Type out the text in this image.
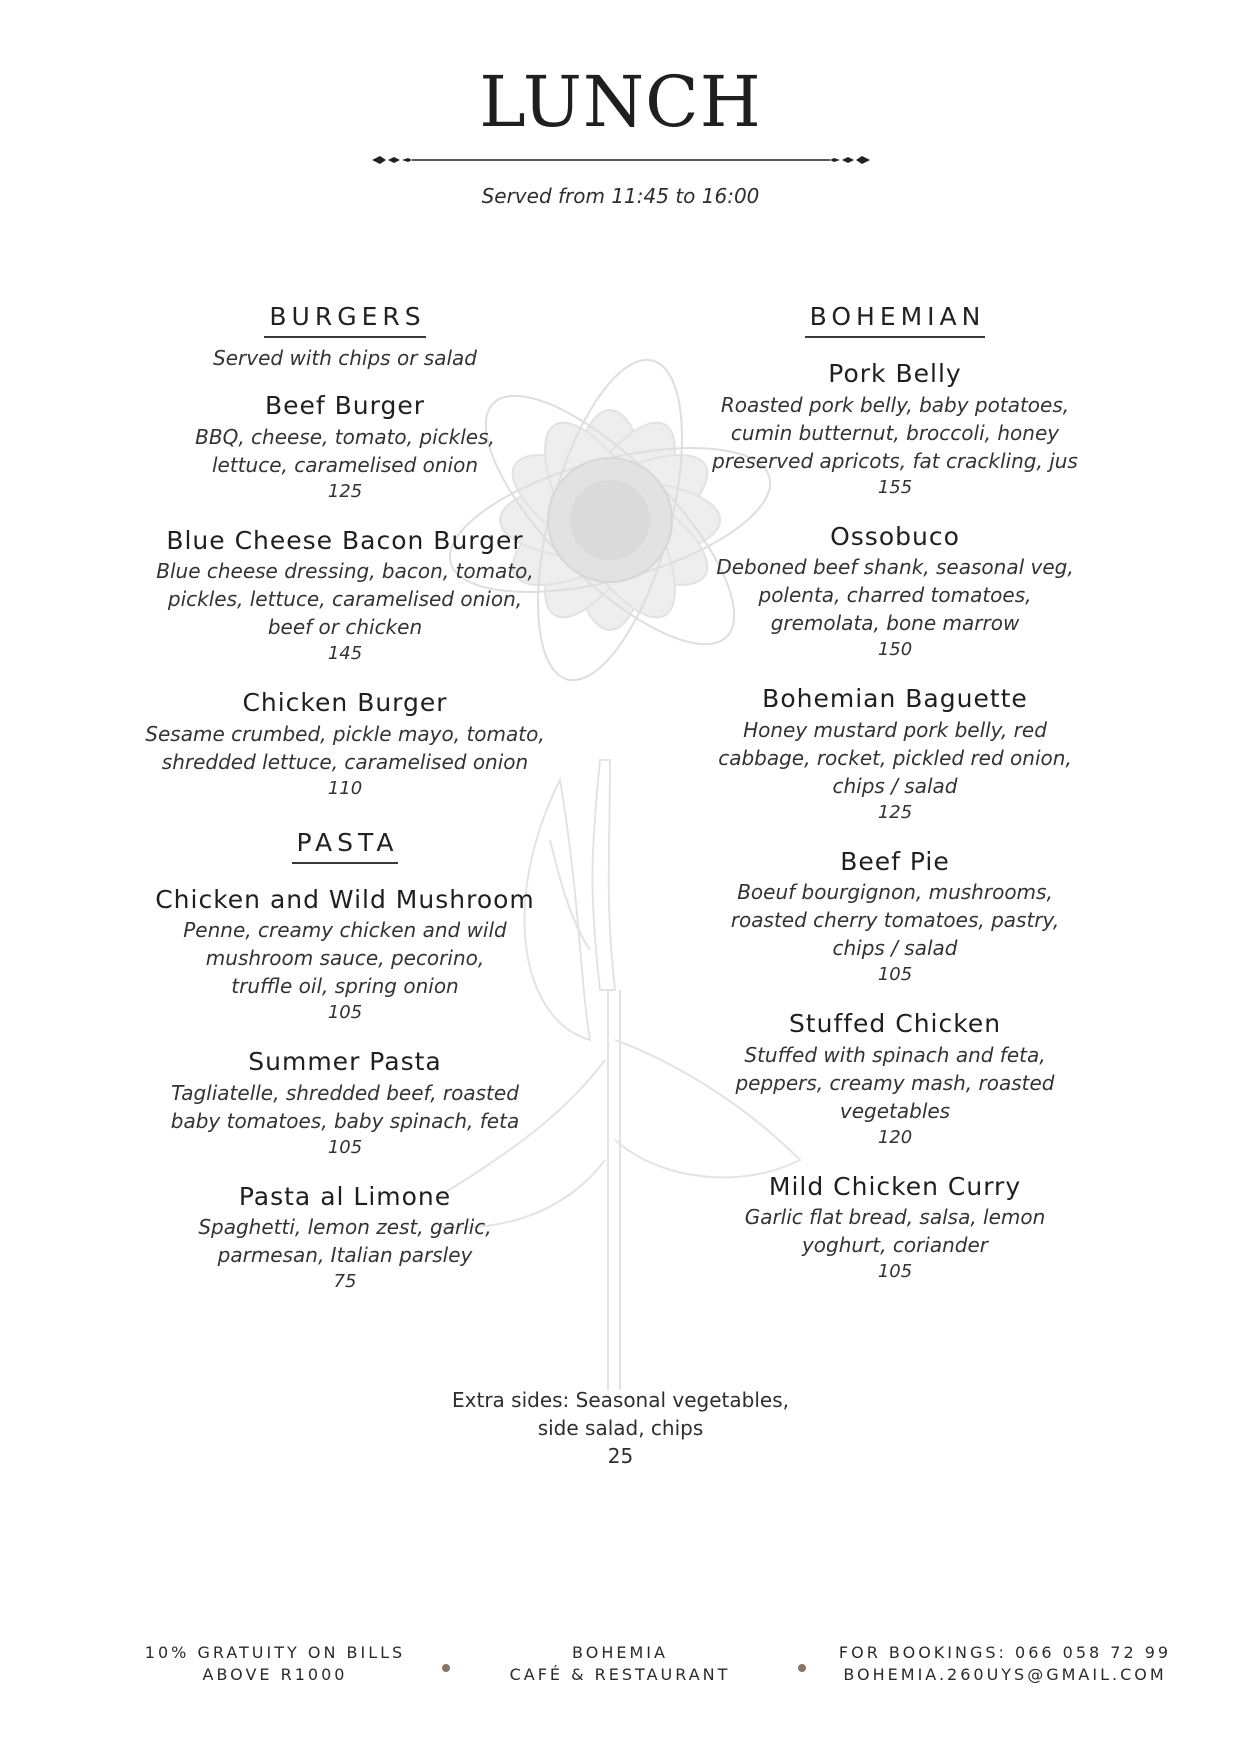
LUNCH
Served from 11:45 to 16:00
BURGERS
Served with chips or salad
Beef Burger
BBQ, cheese, tomato, pickles,
lettuce, caramelised onion
125
Blue Cheese Bacon Burger
Blue cheese dressing, bacon, tomato,
pickles, lettuce, caramelised onion,
beef or chicken
145
Chicken Burger
Sesame crumbed, pickle mayo, tomato,
shredded lettuce, caramelised onion
110
PASTA
Chicken and Wild Mushroom
Penne, creamy chicken and wild
mushroom sauce, pecorino,
truffle oil, spring onion
105
Summer Pasta
Tagliatelle, shredded beef, roasted
baby tomatoes, baby spinach, feta
105
Pasta al Limone
Spaghetti, lemon zest, garlic,
parmesan, Italian parsley
75
BOHEMIAN
Pork Belly
Roasted pork belly, baby potatoes,
cumin butternut, broccoli, honey
preserved apricots, fat crackling, jus
155
Ossobuco
Deboned beef shank, seasonal veg,
polenta, charred tomatoes,
gremolata, bone marrow
150
Bohemian Baguette
Honey mustard pork belly, red
cabbage, rocket, pickled red onion,
chips / salad
125
Beef Pie
Boeuf bourgignon, mushrooms,
roasted cherry tomatoes, pastry,
chips / salad
105
Stuffed Chicken
Stuffed with spinach and feta,
peppers, creamy mash, roasted
vegetables
120
Mild Chicken Curry
Garlic flat bread, salsa, lemon
yoghurt, coriander
105
Extra sides: Seasonal vegetables,
side salad, chips
25
10% GRATUITY ON BILLS
ABOVE R1000
BOHEMIA
CAFÉ & RESTAURANT
FOR BOOKINGS: 066 058 72 99
BOHEMIA.260UYS@GMAIL.COM
